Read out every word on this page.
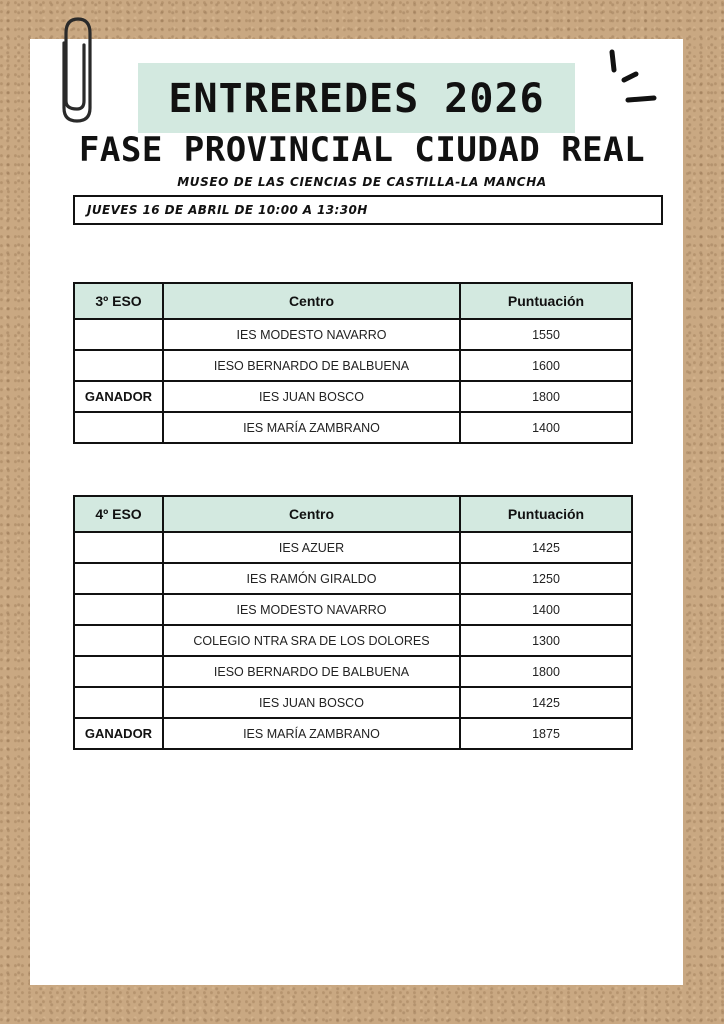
ENTREREDES 2026
FASE PROVINCIAL CIUDAD REAL
MUSEO DE LAS CIENCIAS DE CASTILLA-LA MANCHA
JUEVES 16 DE ABRIL DE 10:00 A 13:30H
3º ESO	Centro	Puntuación
	IES MODESTO NAVARRO	1550
	IESO BERNARDO DE BALBUENA	1600
GANADOR	IES JUAN BOSCO	1800
	IES MARÍA ZAMBRANO	1400
4º ESO	Centro	Puntuación
	IES AZUER	1425
	IES RAMÓN GIRALDO	1250
	IES MODESTO NAVARRO	1400
	COLEGIO NTRA SRA DE LOS DOLORES	1300
	IESO BERNARDO DE BALBUENA	1800
	IES JUAN BOSCO	1425
GANADOR	IES MARÍA ZAMBRANO	1875
